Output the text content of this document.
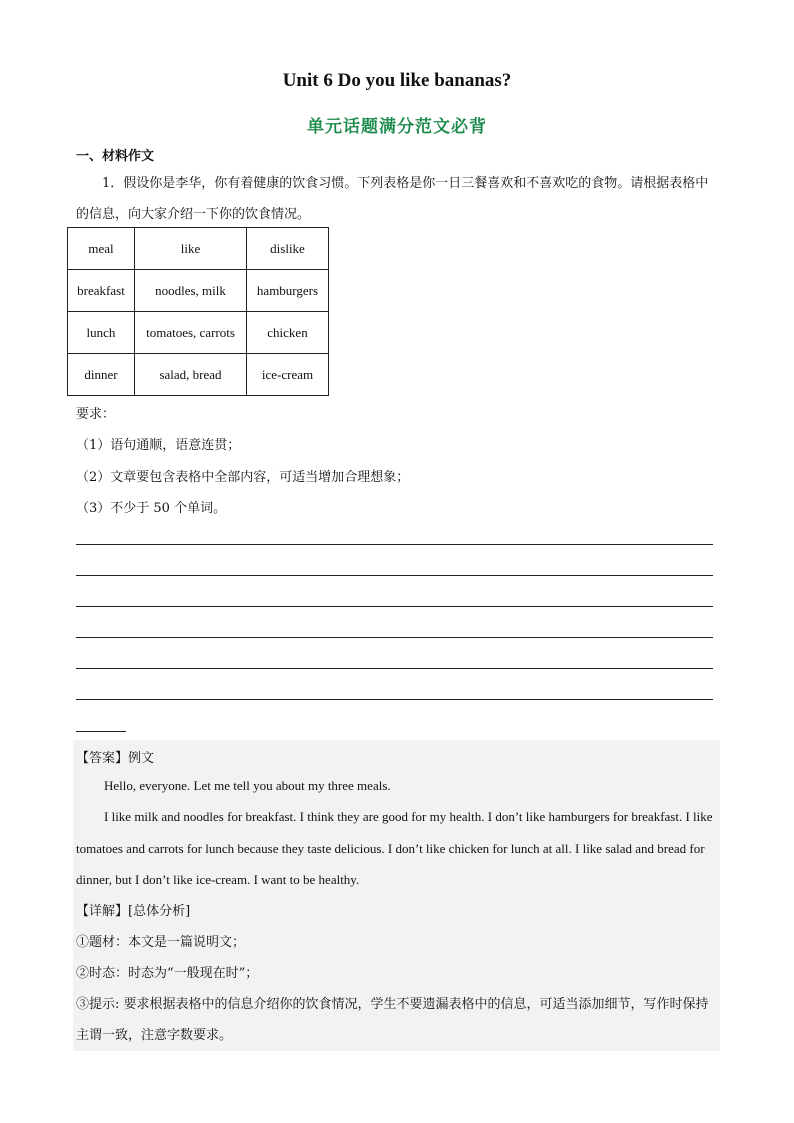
Unit 6 Do you like bananas?
单元话题满分范文必背
一、材料作文
1．假设你是李华，你有着健康的饮食习惯。下列表格是你一日三餐喜欢和不喜欢吃的食物。请根据表格中的信息，向大家介绍一下你的饮食情况。
meal	like	dislike
breakfast	noodles, milk	hamburgers
lunch	tomatoes, carrots	chicken
dinner	salad, bread	ice-cream
要求：
（1）语句通顺，语意连贯；
（2）文章要包含表格中全部内容，可适当增加合理想象；
（3）不少于 50 个单词。
【答案】例文
Hello, everyone. Let me tell you about my three meals.
I like milk and noodles for breakfast. I think they are good for my health. I don’t like hamburgers for breakfast. I like tomatoes and carrots for lunch because they taste delicious. I don’t like chicken for lunch at all. I like salad and bread for dinner, but I don’t like ice-cream. I want to be healthy.
【详解】[总体分析]
①题材：本文是一篇说明文；
②时态：时态为“一般现在时”；
③提示: 要求根据表格中的信息介绍你的饮食情况，学生不要遗漏表格中的信息，可适当添加细节，写作时保持主谓一致，注意字数要求。
